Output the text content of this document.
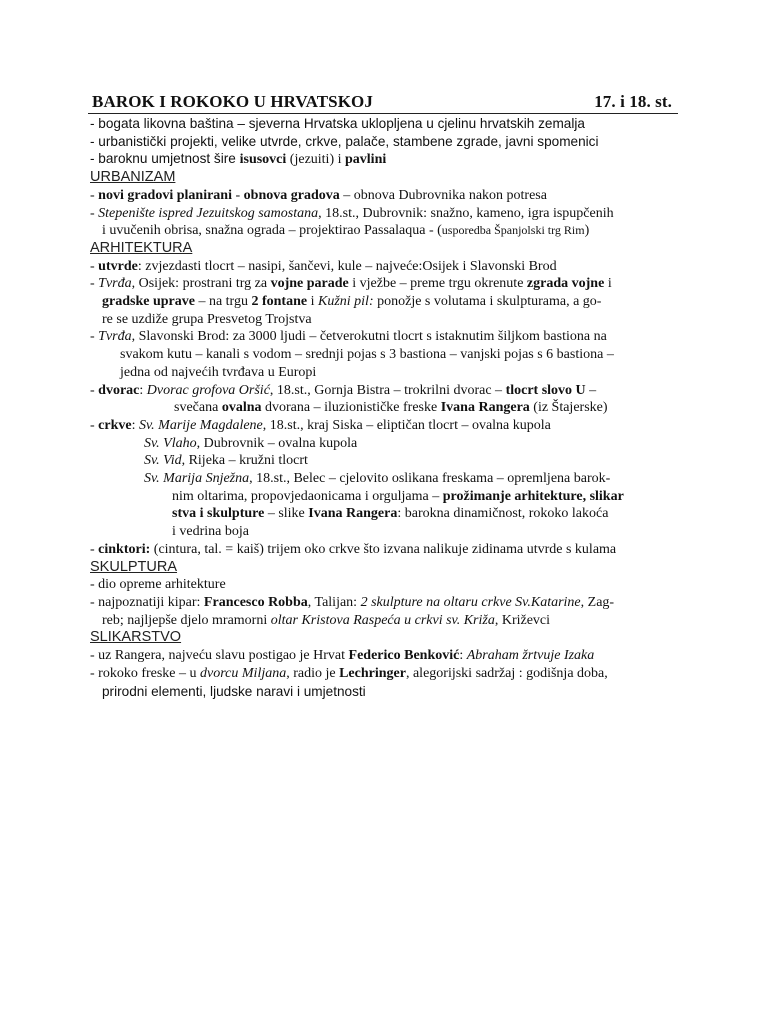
BAROK I ROKOKO U HRVATSKOJ	17. i 18. st.
- bogata likovna baština – sjeverna Hrvatska uklopljena u cjelinu hrvatskih zemalja
- urbanistički projekti, velike utvrde, crkve, palače, stambene zgrade, javni spomenici
- baroknu umjetnost šire isusovci (jezuiti) i pavlini
URBANIZAM
- novi gradovi planirani - obnova gradova – obnova Dubrovnika nakon potresa
- Stepenište ispred Jezuitskog samostana, 18.st., Dubrovnik: snažno, kameno, igra ispupčenih
i uvučenih obrisa, snažna ograda – projektirao Passalaqua - (usporedba Španjolski trg Rim)
ARHITEKTURA
- utvrde: zvjezdasti tlocrt – nasipi, šančevi, kule – najveće:Osijek i Slavonski Brod
- Tvrđa, Osijek: prostrani trg za vojne parade i vježbe – preme trgu okrenute zgrada vojne i
gradske uprave – na trgu 2 fontane i Kužni pil: ponožje s volutama i skulpturama, a go-
re se uzdiže grupa Presvetog Trojstva
- Tvrđa, Slavonski Brod: za 3000 ljudi – četverokutni tlocrt s istaknutim šiljkom bastiona na
svakom kutu – kanali s vodom – srednji pojas s 3 bastiona – vanjski pojas s 6 bastiona –
jedna od najvećih tvrđava u Europi
- dvorac: Dvorac grofova Oršić, 18.st., Gornja Bistra – trokrilni dvorac – tlocrt slovo U –
svečana ovalna dvorana – iluzionističke freske Ivana Rangera (iz Štajerske)
- crkve: Sv. Marije Magdalene, 18.st., kraj Siska – eliptičan tlocrt – ovalna kupola
Sv. Vlaho, Dubrovnik – ovalna kupola
Sv. Vid, Rijeka – kružni tlocrt
Sv. Marija Snježna, 18.st., Belec – cjelovito oslikana freskama – opremljena barok-
nim oltarima, propovjedaonicama i orguljama – prožimanje arhitekture, slikar
stva i skulpture – slike Ivana Rangera: barokna dinamičnost, rokoko lakoća
i vedrina boja
- cinktori: (cintura, tal. = kaiš) trijem oko crkve što izvana nalikuje zidinama utvrde s kulama
SKULPTURA
- dio opreme arhitekture
- najpoznatiji kipar: Francesco Robba, Talijan: 2 skulpture na oltaru crkve Sv.Katarine, Zag-
reb; najljepše djelo mramorni oltar Kristova Raspeća u crkvi sv. Križa, Križevci
SLIKARSTVO
- uz Rangera, najveću slavu postigao je Hrvat Federico Benković: Abraham žrtvuje Izaka
- rokoko freske – u dvorcu Miljana, radio je Lechringer, alegorijski sadržaj : godišnja doba,
prirodni elementi, ljudske naravi i umjetnosti
